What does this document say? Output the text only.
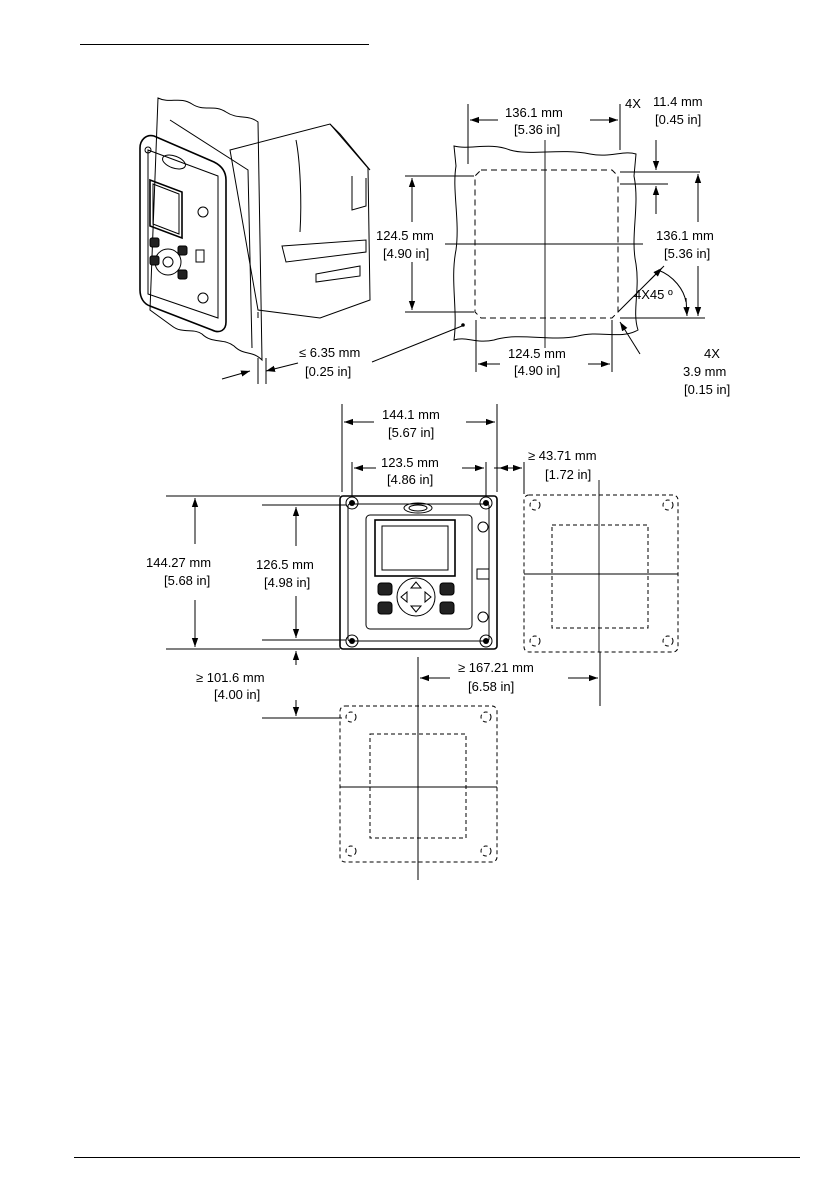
≤ 6.35 mm
[0.25 in]
136.1 mm
[5.36 in]
4X 11.4 mm
[0.45 in]
124.5 mm
[4.90 in]
136.1 mm
[5.36 in]
4X45 º
124.5 mm
[4.90 in]
4X
3.9 mm
[0.15 in]
144.1 mm
[5.67 in]
123.5 mm
[4.86 in]
≥ 43.71 mm
[1.72 in]
144.27 mm
[5.68 in]
126.5 mm
[4.98 in]
≥ 101.6 mm
[4.00 in]
≥ 167.21 mm
[6.58 in]
